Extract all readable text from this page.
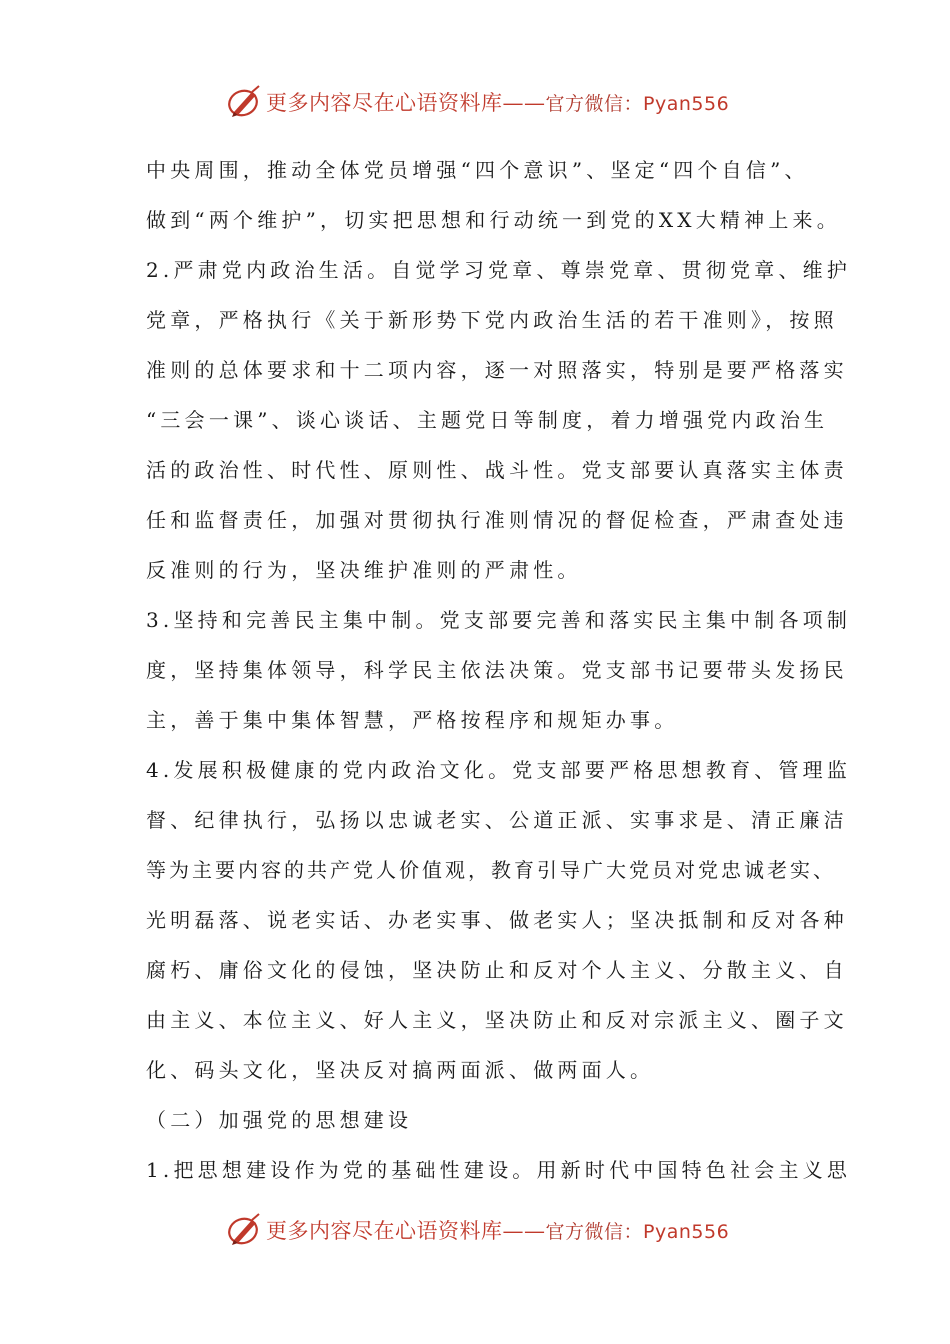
更多内容尽在心语资料库——官方微信：Pyan556
中央周围，推动全体党员增强“四个意识”、坚定“四个自信”、
做到“两个维护”，切实把思想和行动统一到党的XX大精神上来。
2.严肃党内政治生活。自觉学习党章、尊崇党章、贯彻党章、维护
党章，严格执行《关于新形势下党内政治生活的若干准则》，按照
准则的总体要求和十二项内容，逐一对照落实，特别是要严格落实
“三会一课”、谈心谈话、主题党日等制度，着力增强党内政治生
活的政治性、时代性、原则性、战斗性。党支部要认真落实主体责
任和监督责任，加强对贯彻执行准则情况的督促检查，严肃查处违
反准则的行为，坚决维护准则的严肃性。
3.坚持和完善民主集中制。党支部要完善和落实民主集中制各项制
度，坚持集体领导，科学民主依法决策。党支部书记要带头发扬民
主，善于集中集体智慧，严格按程序和规矩办事。
4.发展积极健康的党内政治文化。党支部要严格思想教育、管理监
督、纪律执行，弘扬以忠诚老实、公道正派、实事求是、清正廉洁
等为主要内容的共产党人价值观，教育引导广大党员对党忠诚老实、
光明磊落、说老实话、办老实事、做老实人；坚决抵制和反对各种
腐朽、庸俗文化的侵蚀，坚决防止和反对个人主义、分散主义、自
由主义、本位主义、好人主义，坚决防止和反对宗派主义、圈子文
化、码头文化，坚决反对搞两面派、做两面人。
（二）加强党的思想建设
1.把思想建设作为党的基础性建设。用新时代中国特色社会主义思
更多内容尽在心语资料库——官方微信：Pyan556
